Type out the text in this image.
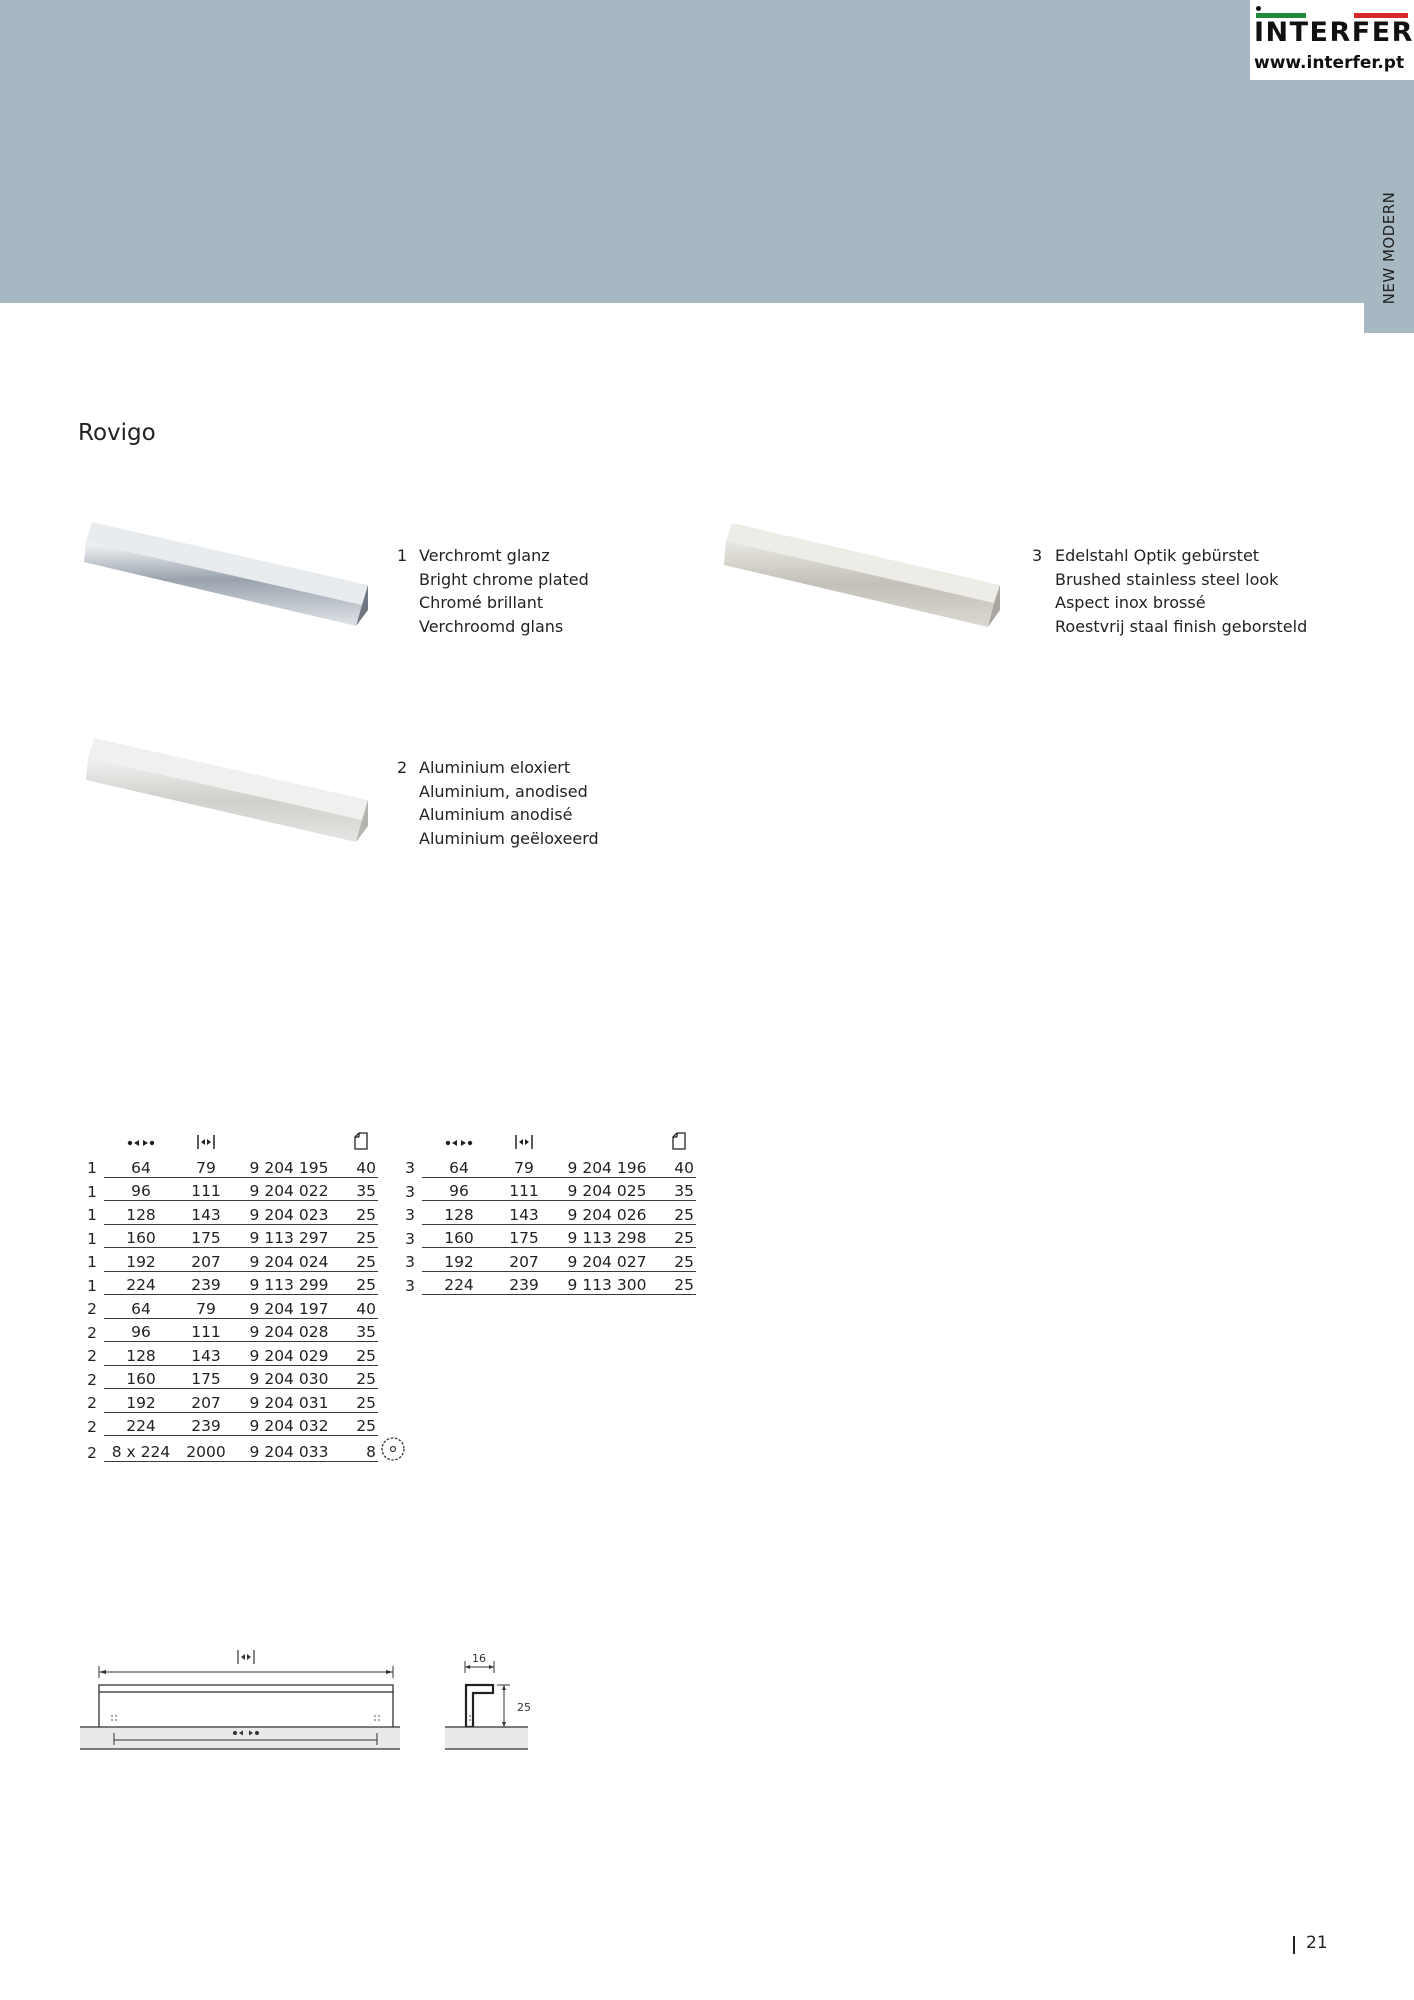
NEW MODERN
INTERFER
www.interfer.pt
Rovigo
1 Verchromt glanz
Bright chrome plated
Chromé brillant
Verchroomd glans
3 Edelstahl Optik gebürstet
Brushed stainless steel look
Aspect inox brossé
Roestvrij staal finish geborsteld
2 Aluminium eloxiert
Aluminium, anodised
Aluminium anodisé
Aluminium geëloxeerd

1	64	79	9 204 195	40	
1	96	111	9 204 022	35	
1	128	143	9 204 023	25	
1	160	175	9 113 297	25	
1	192	207	9 204 024	25	
1	224	239	9 113 299	25	
2	64	79	9 204 197	40	
2	96	111	9 204 028	35	
2	128	143	9 204 029	25	
2	160	175	9 204 030	25	
2	192	207	9 204 031	25	
2	224	239	9 204 032	25	
2	8 x 224	2000	9 204 033	8	

3	64	79	9 204 196	40
3	96	111	9 204 025	35
3	128	143	9 204 026	25
3	160	175	9 113 298	25
3	192	207	9 204 027	25
3	224	239	9 113 300	25
16
25
21
